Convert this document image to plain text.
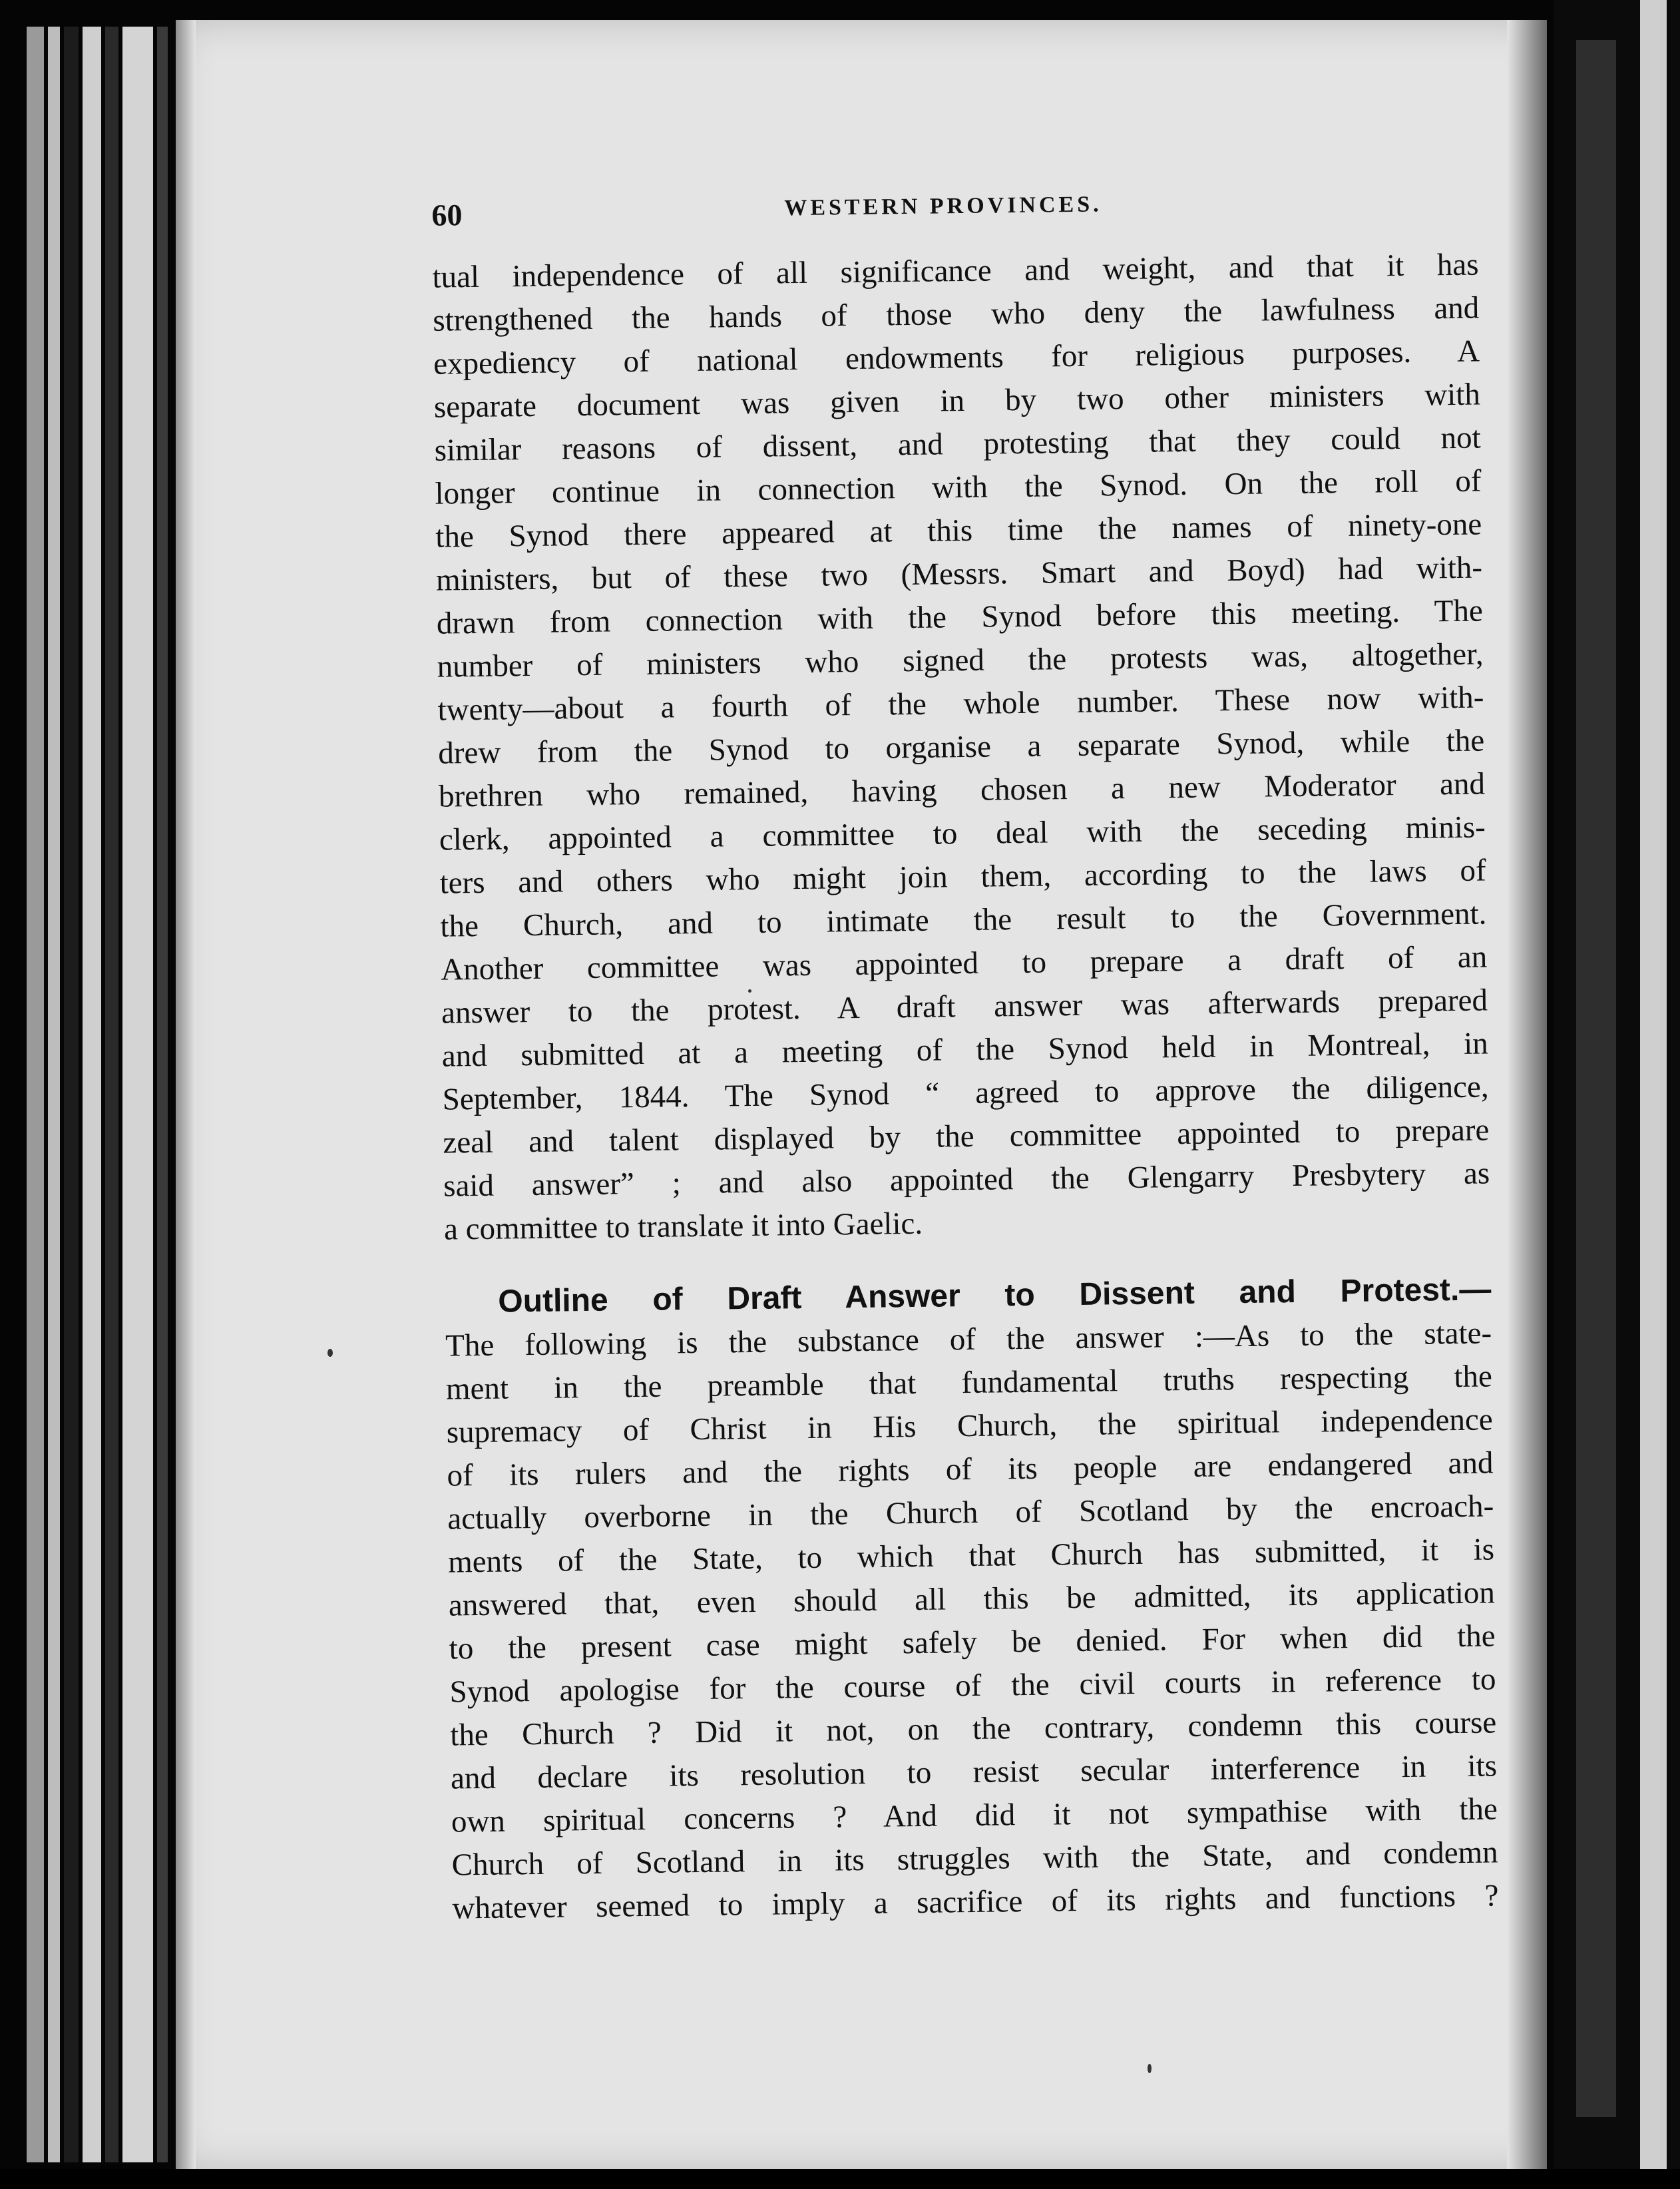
60	WESTERN PROVINCES.
tual independence of all significance and weight, and that it has
strengthened the hands of those who deny the lawfulness and
expediency of national endowments for religious purposes. A
separate document was given in by two other ministers with
similar reasons of dissent, and protesting that they could not
longer continue in connection with the Synod. On the roll of
the Synod there appeared at this time the names of ninety-one
ministers, but of these two (Messrs. Smart and Boyd) had with-
drawn from connection with the Synod before this meeting. The
number of ministers who signed the protests was, altogether,
twenty—about a fourth of the whole number. These now with-
drew from the Synod to organise a separate Synod, while the
brethren who remained, having chosen a new Moderator and
clerk, appointed a committee to deal with the seceding minis-
ters and others who might join them, according to the laws of
the Church, and to intimate the result to the Government.
Another committee was appointed to prepare a draft of an
answer to the protest. A draft answer was afterwards prepared
and submitted at a meeting of the Synod held in Montreal, in
September, 1844. The Synod “ agreed to approve the diligence,
zeal and talent displayed by the committee appointed to prepare
said answer” ; and also appointed the Glengarry Presbytery as
a committee to translate it into Gaelic.
Outline of Draft Answer to Dissent and Protest.—
The following is the substance of the answer :—As to the state-
ment in the preamble that fundamental truths respecting the
supremacy of Christ in His Church, the spiritual independence
of its rulers and the rights of its people are endangered and
actually overborne in the Church of Scotland by the encroach-
ments of the State, to which that Church has submitted, it is
answered that, even should all this be admitted, its application
to the present case might safely be denied. For when did the
Synod apologise for the course of the civil courts in reference to
the Church ? Did it not, on the contrary, condemn this course
and declare its resolution to resist secular interference in its
own spiritual concerns ? And did it not sympathise with the
Church of Scotland in its struggles with the State, and condemn
whatever seemed to imply a sacrifice of its rights and functions ?
